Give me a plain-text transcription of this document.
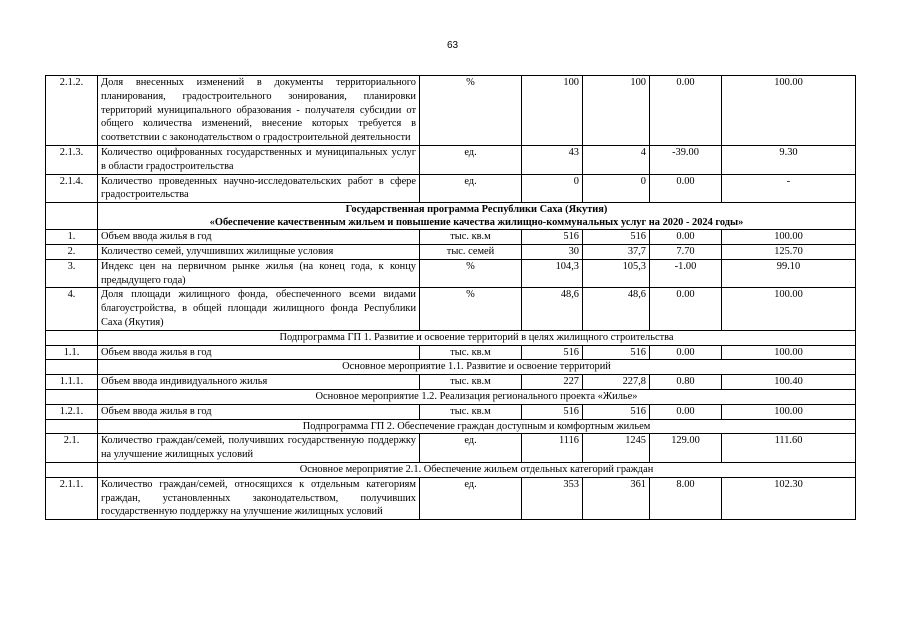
63
2.1.2.	Доля внесенных изменений в документы территориального планирования, градостроительного зонирования, планировки территорий муниципального образования - получателя субсидии от общего количества изменений, внесение которых требуется в соответствии с законодательством о градостроительной деятельности	%	100	100	0.00	100.00
2.1.3.	Количество оцифрованных государственных и муниципальных услуг в области градостроительства	ед.	43	4	-39.00	9.30
2.1.4.	Количество проведенных научно-исследовательских работ в сфере градостроительства	ед.	0	0	0.00	-

	Государственная программа Республики Саха (Якутия)
«Обеспечение качественным жильем и повышение качества жилищно-коммунальных услуг на 2020 - 2024 годы»					

1.	Объем ввода жилья в год	тыс. кв.м	516	516	0.00	100.00
2.	Количество семей, улучшивших жилищные условия	тыс. семей	30	37,7	7.70	125.70
3.	Индекс цен на первичном рынке жилья (на конец года, к концу предыдущего года)	%	104,3	105,3	-1.00	99.10
4.	Доля площади жилищного фонда, обеспеченного всеми видами благоустройства, в общей площади жилищного фонда Республики Саха (Якутия)	%	48,6	48,6	0.00	100.00
	Подпрограмма ГП 1. Развитие и освоение территорий в целях жилищного строительства					
1.1.	Объем ввода жилья в год	тыс. кв.м	516	516	0.00	100.00
	Основное мероприятие 1.1. Развитие и освоение территорий					
1.1.1.	Объем ввода индивидуального жилья	тыс. кв.м	227	227,8	0.80	100.40
	Основное мероприятие 1.2. Реализация регионального проекта «Жилье»					
1.2.1.	Объем ввода жилья в год	тыс. кв.м	516	516	0.00	100.00
	Подпрограмма ГП 2. Обеспечение граждан доступным и комфортным жильем					
2.1.	Количество граждан/семей, получивших государственную поддержку на улучшение жилищных условий	ед.	1116	1245	129.00	111.60
	Основное мероприятие 2.1. Обеспечение жильем отдельных категорий граждан					
2.1.1.	Количество граждан/семей, относящихся к отдельным категориям граждан, установленных законодательством, получивших государственную поддержку на улучшение жилищных условий	ед.	353	361	8.00	102.30
